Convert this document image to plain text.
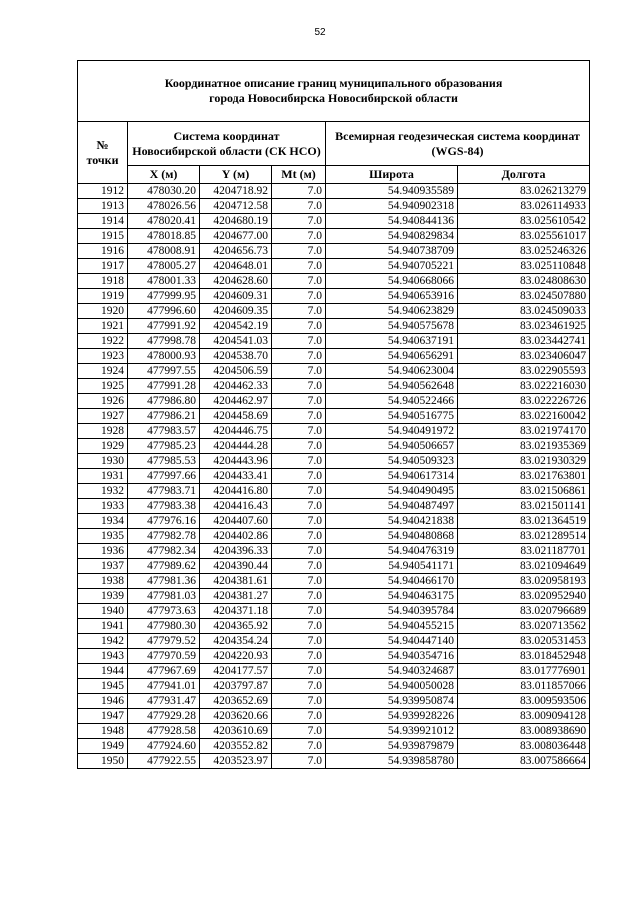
52
Координатное описание границ муниципального образования
города Новосибирска Новосибирской области					

№ точки	Система координат Новосибирской области (СК НСО)			Всемирная геодезическая система координат (WGS-84)	
	X (м)	Y (м)	Mt (м)	Широта	Долгота
1912	478030.20	4204718.92	7.0	54.940935589	83.026213279
1913	478026.56	4204712.58	7.0	54.940902318	83.026114933
1914	478020.41	4204680.19	7.0	54.940844136	83.025610542
1915	478018.85	4204677.00	7.0	54.940829834	83.025561017
1916	478008.91	4204656.73	7.0	54.940738709	83.025246326
1917	478005.27	4204648.01	7.0	54.940705221	83.025110848
1918	478001.33	4204628.60	7.0	54.940668066	83.024808630
1919	477999.95	4204609.31	7.0	54.940653916	83.024507880
1920	477996.60	4204609.35	7.0	54.940623829	83.024509033
1921	477991.92	4204542.19	7.0	54.940575678	83.023461925
1922	477998.78	4204541.03	7.0	54.940637191	83.023442741
1923	478000.93	4204538.70	7.0	54.940656291	83.023406047
1924	477997.55	4204506.59	7.0	54.940623004	83.022905593
1925	477991.28	4204462.33	7.0	54.940562648	83.022216030
1926	477986.80	4204462.97	7.0	54.940522466	83.022226726
1927	477986.21	4204458.69	7.0	54.940516775	83.022160042
1928	477983.57	4204446.75	7.0	54.940491972	83.021974170
1929	477985.23	4204444.28	7.0	54.940506657	83.021935369
1930	477985.53	4204443.96	7.0	54.940509323	83.021930329
1931	477997.66	4204433.41	7.0	54.940617314	83.021763801
1932	477983.71	4204416.80	7.0	54.940490495	83.021506861
1933	477983.38	4204416.43	7.0	54.940487497	83.021501141
1934	477976.16	4204407.60	7.0	54.940421838	83.021364519
1935	477982.78	4204402.86	7.0	54.940480868	83.021289514
1936	477982.34	4204396.33	7.0	54.940476319	83.021187701
1937	477989.62	4204390.44	7.0	54.940541171	83.021094649
1938	477981.36	4204381.61	7.0	54.940466170	83.020958193
1939	477981.03	4204381.27	7.0	54.940463175	83.020952940
1940	477973.63	4204371.18	7.0	54.940395784	83.020796689
1941	477980.30	4204365.92	7.0	54.940455215	83.020713562
1942	477979.52	4204354.24	7.0	54.940447140	83.020531453
1943	477970.59	4204220.93	7.0	54.940354716	83.018452948
1944	477967.69	4204177.57	7.0	54.940324687	83.017776901
1945	477941.01	4203797.87	7.0	54.940050028	83.011857066
1946	477931.47	4203652.69	7.0	54.939950874	83.009593506
1947	477929.28	4203620.66	7.0	54.939928226	83.009094128
1948	477928.58	4203610.69	7.0	54.939921012	83.008938690
1949	477924.60	4203552.82	7.0	54.939879879	83.008036448
1950	477922.55	4203523.97	7.0	54.939858780	83.007586664
